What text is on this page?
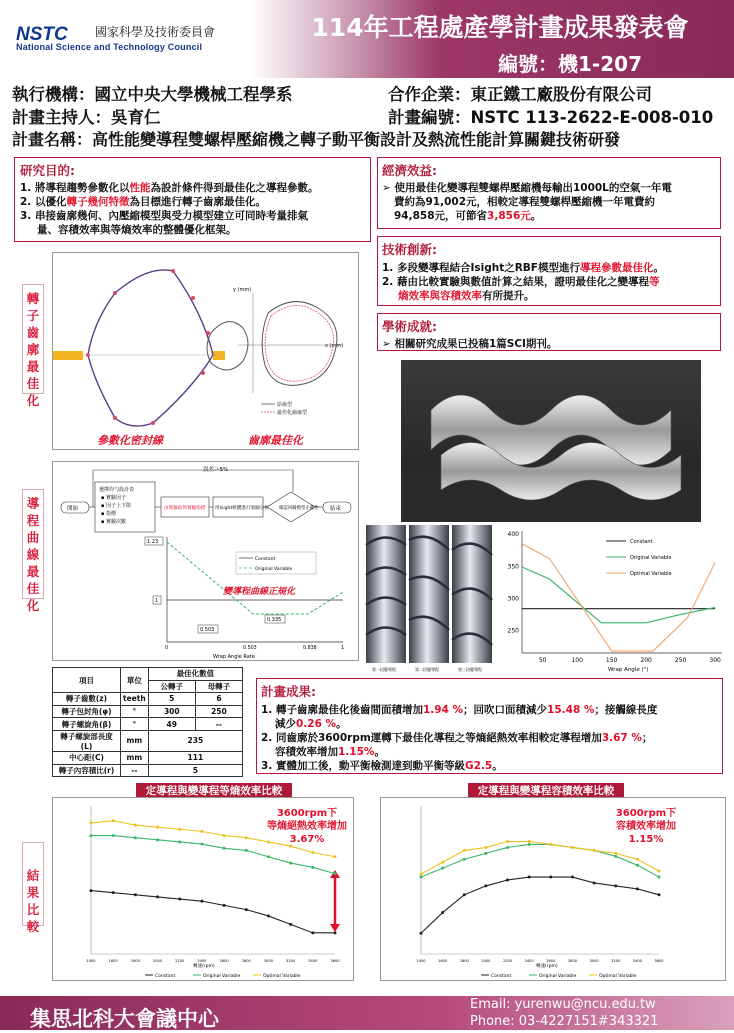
NSTC 國家科學及技術委員會
National Science and Technology Council
114年工程處產學計畫成果發表會
編號：機1-207
執行機構：國立中央大學機械工程學系	合作企業：東正鐵工廠股份有限公司
計畫主持人：吳育仁	計畫編號：NSTC 113-2622-E-008-010
計畫名稱：高性能變導程雙螺桿壓縮機之轉子動平衡設計及熱流性能計算關鍵技術研發
研究目的:
1. 將導程趨勢參數化以性能為設計條件得到最佳化之導程參數。
2. 以優化轉子幾何特徵為目標進行轉子齒廓最佳化。
3. 串接齒廓幾何、內壓縮模型與受力模型建立可同時考量排氣
量、容積效率與等熵效率的整體優化框架。
經濟效益:
➢ 使用最佳化變導程雙螺桿壓縮機每輸出1000L的空氣一年電
費約為91,002元，相較定導程雙螺桿壓縮機一年電費約
94,858元，可節省3,856元。
技術創新:
1. 多段變導程結合Isight之RBF模型進行導程參數最佳化。
2. 藉由比較實驗與數值計算之結果，證明最佳化之變導程等
熵效率與容積效率有所提升。
學術成就:
➢ 相關研究成果已投稿1篇SCI期刊。
轉子齒廓最佳化
導程曲線最佳化
結果比較
y (mm)
x (mm)
原齒型
最佳化齒廓型
參數化密封線	齒廓最佳化
誤差＞5%
開始
選擇均勻設計表
▪ 實驗因子
▪ 因子上下限
▪ 指標
▪ 實驗次數
由實驗取得實驗指標 用Isight軟體進行迴歸分析 確認回歸模型正確性 結束
Wrap Angle Rate
1.23
1
Constant
Original Variable
變導程曲線正規化
0.503
0.335
0	0.503	0.838	1
第一段變導程	第二段變導程	第三段變導程	Wrap Angle (°)
Constant
Original Variable
Optimal Variable
250
300
350
400
50	100	150	200	250	300
項目	單位	最佳化數值	
		公轉子	母轉子
轉子齒數(z)	teeth	5	6
轉子包封角(φ)	°	300	250
轉子螺旋角(β)	°	49	--
轉子螺旋部長度(L)	mm	235	
中心距(C)	mm	111	
轉子內容積比(r)	--	5	
計畫成果:
1. 轉子齒廓最佳化後齒間面積增加1.94 %；回吹口面積減少15.48 %；接觸線長度
減少0.26 %。
2. 同齒廓於3600rpm運轉下最佳化導程之等熵絕熱效率相較定導程增加3.67 %；
容積效率增加1.15%。
3. 實體加工後，動平衡檢測達到動平衡等級G2.5。
定導程與變導程等熵效率比較
轉速(rpm)
3600rpm下
等熵絕熱效率增加
3.67%
Constant	Original Variable	Optimal Variable
1400	1600	1800	2000	2200	2400	2600	2800	3000	3200	3400	3600
定導程與變導程容積效率比較
轉速(rpm)
3600rpm下
容積效率增加
1.15%
Constant	Original Variable	Optimal Variable
1400	1600	1800	2000	2200	2400	2600	2800	3000	3200	3400	3600
集思北科大會議中心
Email: yurenwu@ncu.edu.tw
Phone: 03-4227151#343321
